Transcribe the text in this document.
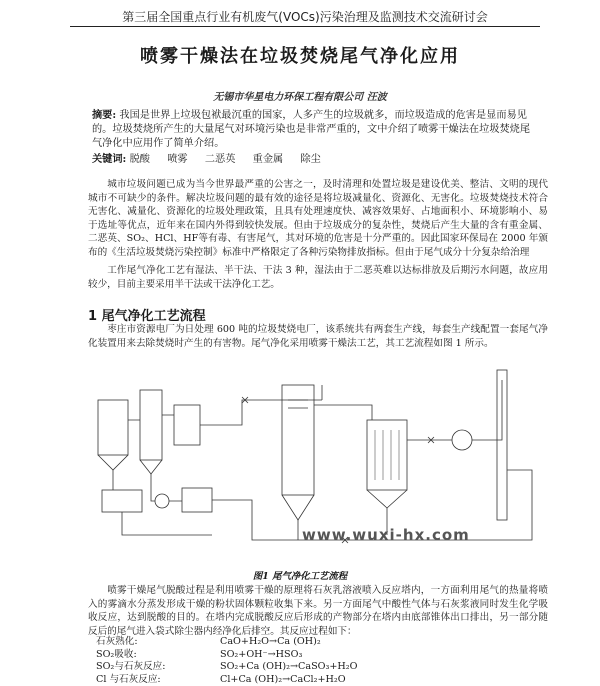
第三届全国重点行业有机废气(VOCs)污染治理及监测技术交流研讨会
喷雾干燥法在垃圾焚烧尾气净化应用
无锡市华星电力环保工程有限公司 汪波
摘要: 我国是世界上垃圾包袱最沉重的国家，人多产生的垃圾就多，而垃圾造成的危害是显而易见的。垃圾焚烧所产生的大量尾气对环境污染也是非常严重的，文中介绍了喷雾干燥法在垃圾焚烧尾气净化中应用作了简单介绍。
关键词: 脱酸 喷雾 二恶英 重金属 除尘
城市垃圾问题已成为当今世界最严重的公害之一，及时清理和处置垃圾是建设优美、整洁、文明的现代城市不可缺少的条件。解决垃圾问题的最有效的途径是将垃圾减量化、资源化、无害化。垃圾焚烧技术符合无害化、减量化、资源化的垃圾处理政策，且具有处理速度快、减容效果好、占地面积小、环境影响小、易于选址等优点，近年来在国内外得到较快发展。但由于垃圾成分的复杂性，焚烧后产生大量的含有重金属、二恶英、SO₂、HCl、HF等有毒、有害尾气，其对环境的危害是十分严重的。因此国家环保局在 2000 年颁布的《生活垃圾焚烧污染控制》标准中严格限定了各种污染物排放指标。但由于尾气成分十分复杂给治理
工作尾气净化工艺有湿法、半干法、干法 3 种，湿法由于二恶英难以达标排放及后期污水问题，故应用较少，目前主要采用半干法或干法净化工艺。
1 尾气净化工艺流程
枣庄市资源电厂为日处理 600 吨的垃圾焚烧电厂，该系统共有两套生产线，每套生产线配置一套尾气净化装置用来去除焚烧时产生的有害物。尾气净化采用喷雾干燥法工艺，其工艺流程如图 1 所示。
www.wuxi-hx.com
图1 尾气净化工艺流程
喷雾干燥尾气脱酸过程是利用喷雾干燥的原理将石灰乳溶液喷入反应塔内，一方面利用尾气的热量将喷入的雾滴水分蒸发形成干燥的粉状固体颗粒收集下来。另一方面尾气中酸性气体与石灰浆液同时发生化学吸收反应，达到脱酸的目的。在塔内完成脱酸反应后形成的产物部分在塔内由底部锥体出口排出，另一部分随反后的尾气进入袋式除尘器内经净化后排空。其反应过程如下：
石灰熟化:	CaO+H₂O→Ca (OH)₂
SO₂吸收:	SO₂+OH⁻→HSO₃
SO₂与石灰反应:	SO₂+Ca (OH)₂→CaSO₃+H₂O
Cl 与石灰反应:	Cl+Ca (OH)₂→CaCl₂+H₂O
